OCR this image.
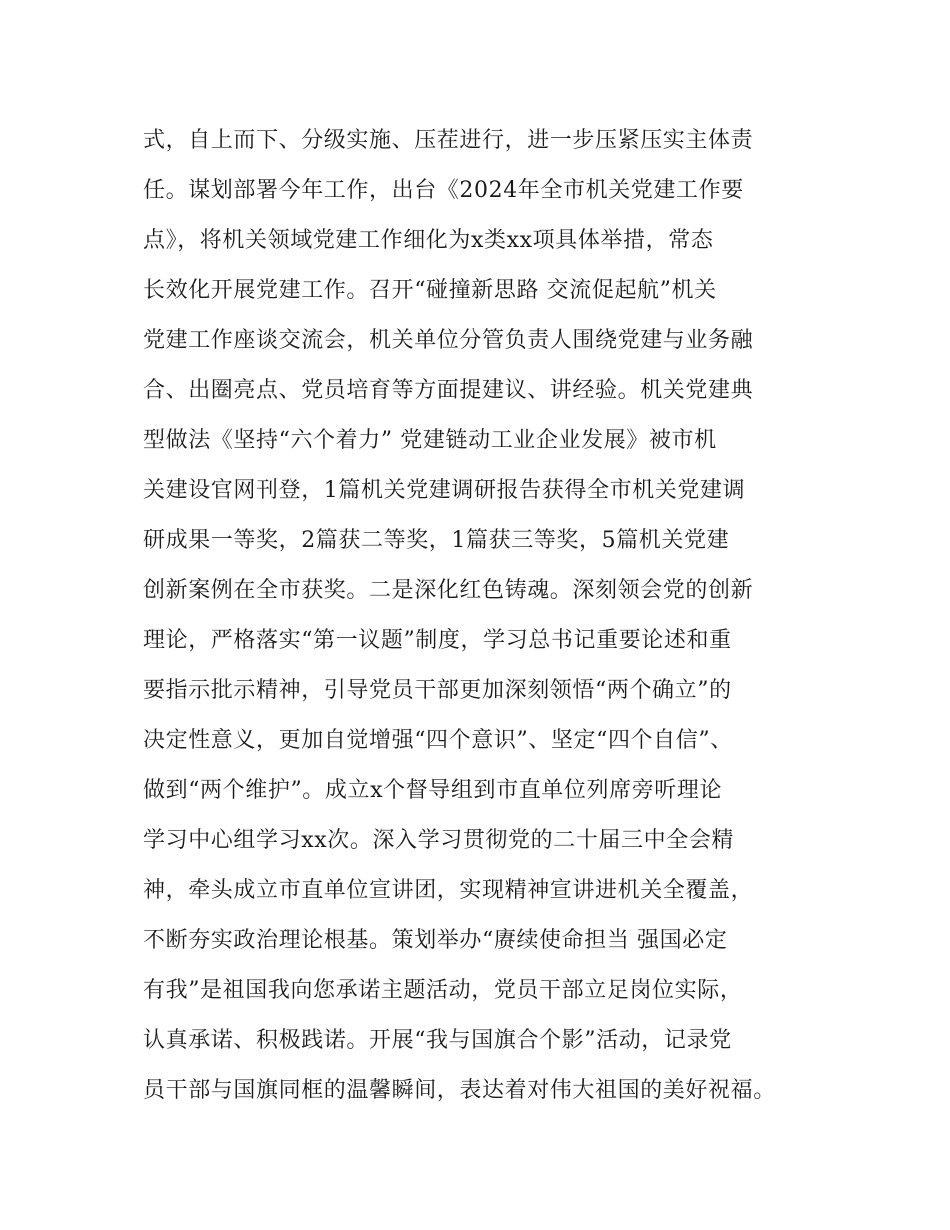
式，自上而下、分级实施、压茬进行，进一步压紧压实主体责
任。谋划部署今年工作，出台《2024年全市机关党建工作要
点》，将机关领域党建工作细化为x类xx项具体举措，常态
长效化开展党建工作。召开“碰撞新思路 交流促起航”机关
党建工作座谈交流会，机关单位分管负责人围绕党建与业务融
合、出圈亮点、党员培育等方面提建议、讲经验。机关党建典
型做法《坚持“六个着力” 党建链动工业企业发展》被市机
关建设官网刊登，1篇机关党建调研报告获得全市机关党建调
研成果一等奖，2篇获二等奖，1篇获三等奖，5篇机关党建
创新案例在全市获奖。二是深化红色铸魂。深刻领会党的创新
理论，严格落实“第一议题”制度，学习总书记重要论述和重
要指示批示精神，引导党员干部更加深刻领悟“两个确立”的
决定性意义，更加自觉增强“四个意识”、坚定“四个自信”、
做到“两个维护”。成立x个督导组到市直单位列席旁听理论
学习中心组学习xx次。深入学习贯彻党的二十届三中全会精
神，牵头成立市直单位宣讲团，实现精神宣讲进机关全覆盖，
不断夯实政治理论根基。策划举办“赓续使命担当 强国必定
有我”是祖国我向您承诺主题活动，党员干部立足岗位实际，
认真承诺、积极践诺。开展“我与国旗合个影”活动，记录党
员干部与国旗同框的温馨瞬间，表达着对伟大祖国的美好祝福。
